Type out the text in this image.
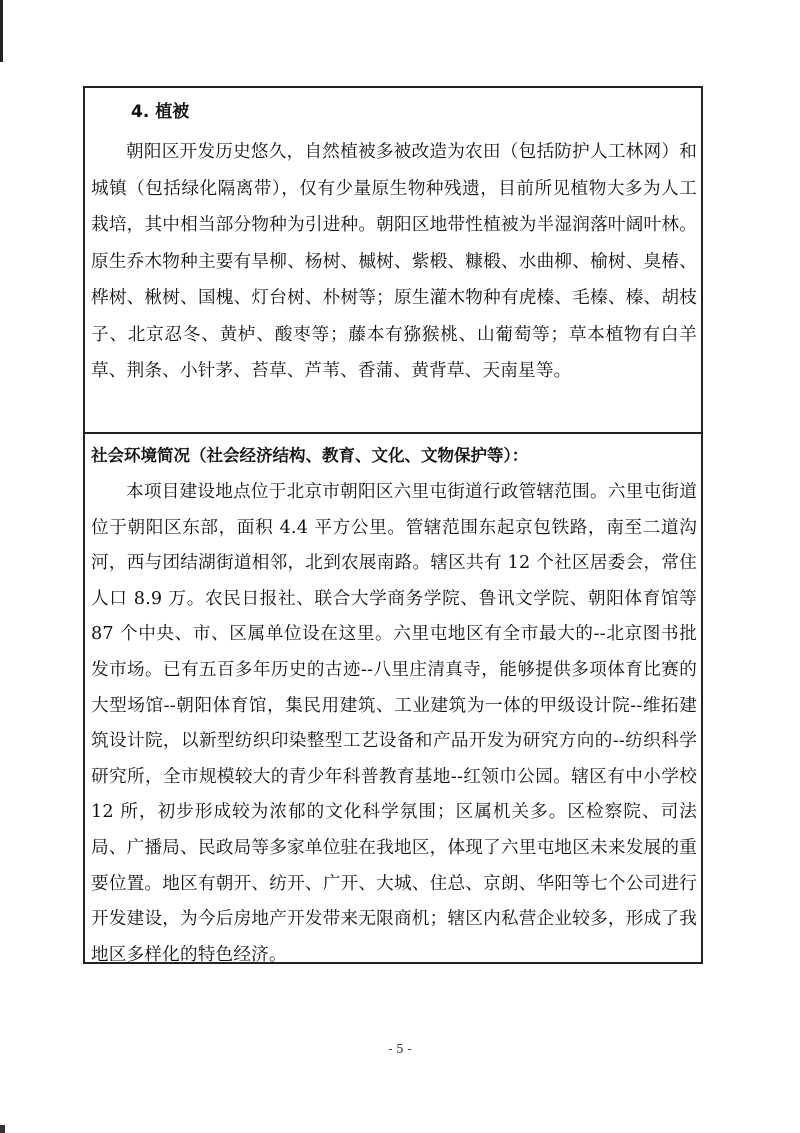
4. 植被

朝阳区开发历史悠久，自然植被多被改造为农田（包括防护人工林网）和城镇（包括绿化隔离带），仅有少量原生物种残遗，目前所见植物大多为人工栽培，其中相当部分物种为引进种。朝阳区地带性植被为半湿润落叶阔叶林。原生乔木物种主要有旱柳、杨树、槭树、紫椴、糠椴、水曲柳、榆树、臭椿、桦树、楸树、国槐、灯台树、朴树等；原生灌木物种有虎榛、毛榛、榛、胡枝子、北京忍冬、黄栌、酸枣等；藤本有猕猴桃、山葡萄等；草本植物有白羊草、荆条、小针茅、苔草、芦苇、香蒲、黄背草、天南星等。

社会环境简况（社会经济结构、教育、文化、文物保护等）：

本项目建设地点位于北京市朝阳区六里屯街道行政管辖范围。六里屯街道位于朝阳区东部，面积 4.4 平方公里。管辖范围东起京包铁路，南至二道沟河，西与团结湖街道相邻，北到农展南路。辖区共有 12 个社区居委会，常住人口 8.9 万。农民日报社、联合大学商务学院、鲁讯文学院、朝阳体育馆等 87 个中央、市、区属单位设在这里。六里屯地区有全市最大的--北京图书批发市场。已有五百多年历史的古迹--八里庄清真寺，能够提供多项体育比赛的大型场馆--朝阳体育馆，集民用建筑、工业建筑为一体的甲级设计院--维拓建筑设计院，以新型纺织印染整型工艺设备和产品开发为研究方向的--纺织科学研究所，全市规模较大的青少年科普教育基地--红领巾公园。辖区有中小学校 12 所，初步形成较为浓郁的文化科学氛围；区属机关多。区检察院、司法局、广播局、民政局等多家单位驻在我地区，体现了六里屯地区未来发展的重要位置。地区有朝开、纺开、广开、大城、住总、京朗、华阳等七个公司进行开发建设，为今后房地产开发带来无限商机；辖区内私营企业较多，形成了我地区多样化的特色经济。

- 5 -
